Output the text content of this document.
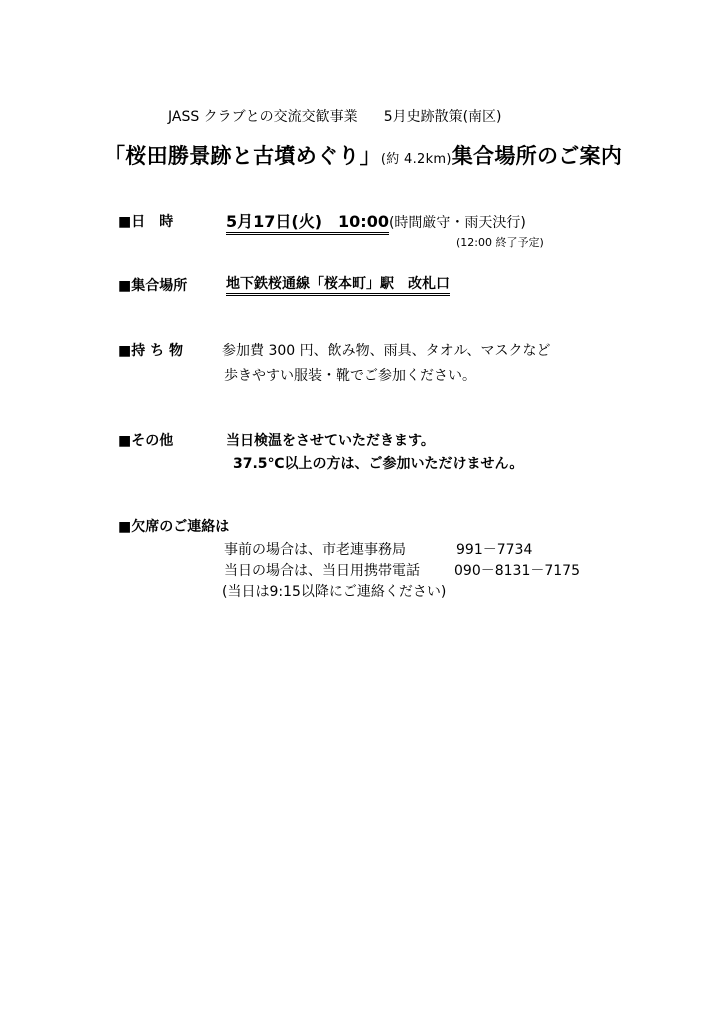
JASS クラブとの交流交歓事業 5月史跡散策(南区)
「桜田勝景跡と古墳めぐり」(約 4.2km)集合場所のご案内
■日　時	5月17日(火)　10:00(時間厳守・雨天決行)
(12:00 終了予定)
■集合場所	地下鉄桜通線「桜本町」駅　改札口
■持 ち 物	参加費 300 円、飲み物、雨具、タオル、マスクなど
歩きやすい服装・靴でご参加ください。
■その他	当日検温をさせていただきます。
37.5℃以上の方は、ご参加いただけません。
■欠席のご連絡は
事前の場合は、市老連事務局	991－7734
当日の場合は、当日用携帯電話 090－8131－7175
(当日は9:15以降にご連絡ください)
